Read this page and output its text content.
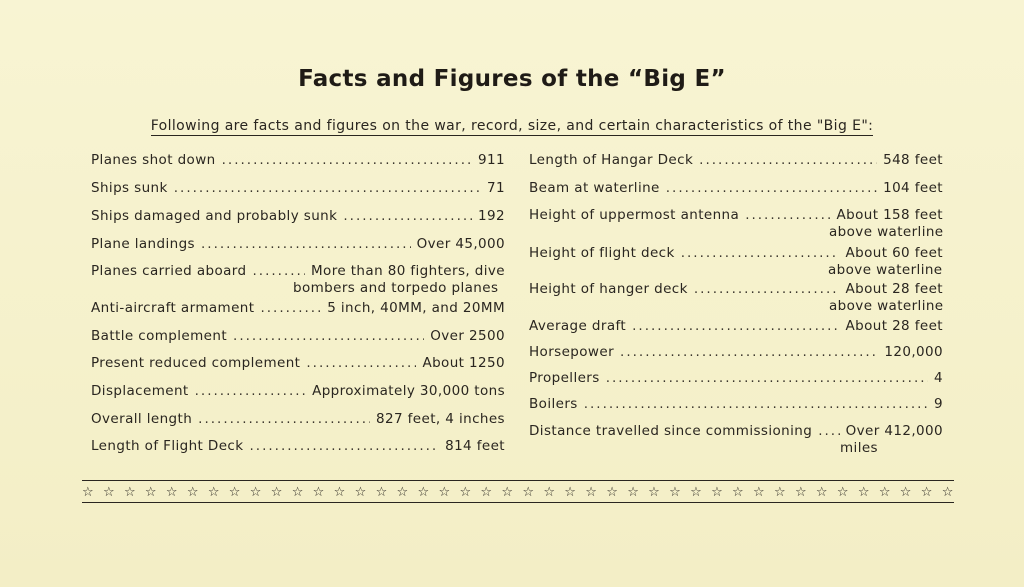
Facts and Figures of the “Big E”
Following are facts and figures on the war, record, size, and certain characteristics of the "Big E":
Planes shot down .....	911
Ships sunk .....	71
Ships damaged and probably sunk .....	192
Plane landings .....	Over 45,000
Planes carried aboard .....	More than 80 fighters, dive
bombers and torpedo planes
Anti-aircraft armament .....	5 inch, 40MM, and 20MM
Battle complement .....	Over 2500
Present reduced complement .....	About 1250
Displacement .....	Approximately 30,000 tons
Overall length .....	827 feet, 4 inches
Length of Flight Deck .....	814 feet
Length of Hangar Deck .....	548 feet
Beam at waterline .....	104 feet
Height of uppermost antenna .....	About 158 feet
above waterline
Height of flight deck .....	About 60 feet
above waterline
Height of hanger deck .....	About 28 feet
above waterline
Average draft .....	About 28 feet
Horsepower .....	120,000
Propellers .....	4
Boilers .....	9
Distance travelled since commissioning ..... Over 412,000
miles
☆ ☆ ☆ ☆ ☆ ☆ ☆ ☆ ☆ ☆ ☆ ☆ ☆ ☆ ☆ ☆ ☆ ☆ ☆ ☆ ☆ ☆ ☆ ☆ ☆ ☆ ☆ ☆ ☆ ☆ ☆ ☆ ☆ ☆ ☆ ☆ ☆ ☆ ☆ ☆ ☆ ☆
